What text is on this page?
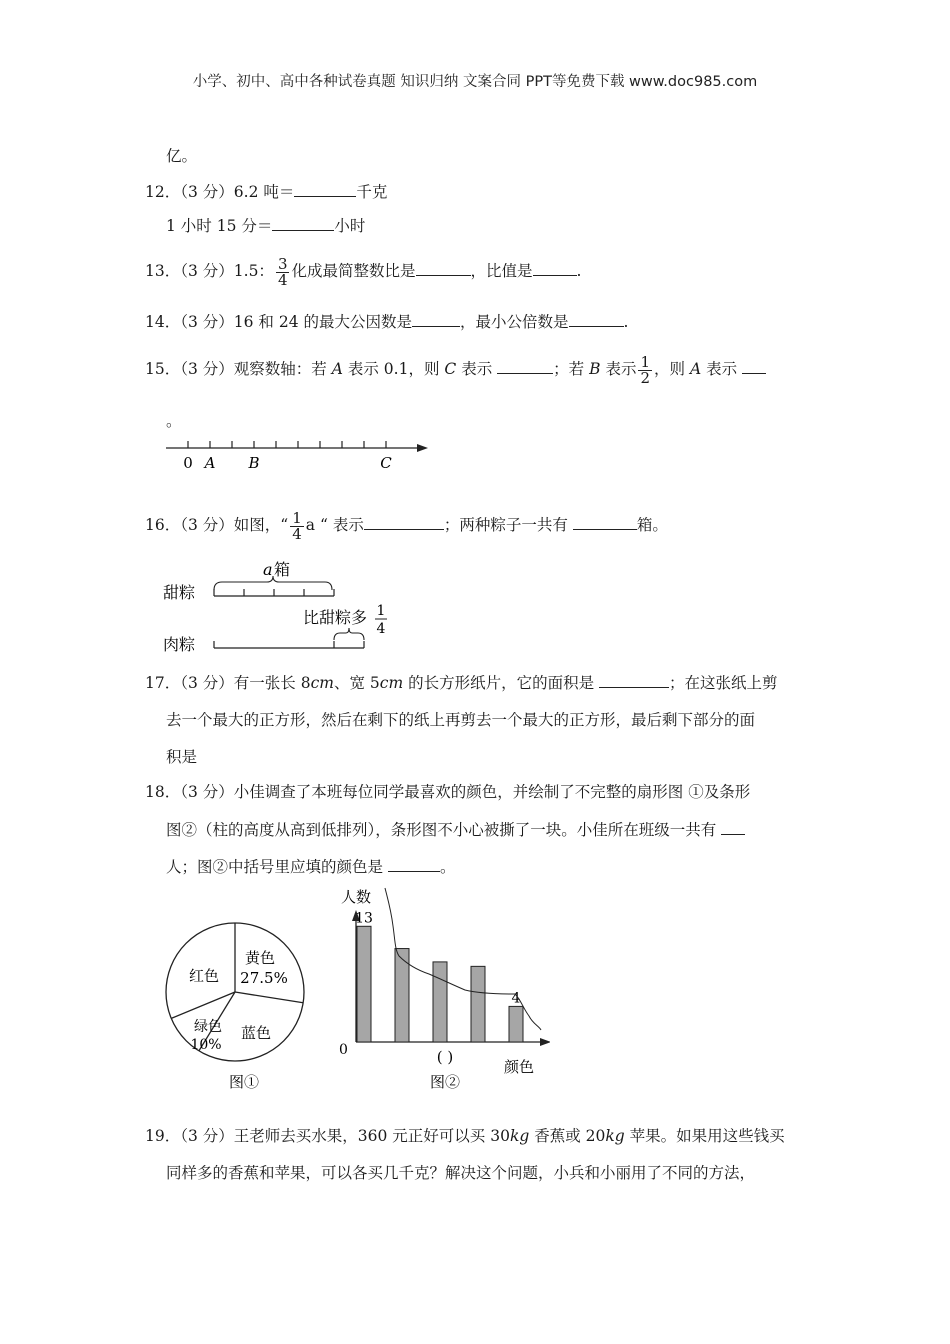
小学、初中、高中各种试卷真题 知识归纳 文案合同 PPT等免费下载 www.doc985.com
亿。
12．（3 分）6.2 吨＝	千克
1 小时 15 分＝	小时
13．（3 分）1.5： $\frac{3}{4}$ 化成最简整数比是	，比值是	.
14．（3 分）16 和 24 的最大公因数是	，最小公倍数是	.
15．（3 分）观察数轴：若 A 表示 0.1，则 C 表示	；若 B 表示 $\frac{1}{2}$ ，则 A 表示
。
0 A B	C
16．（3 分）如图，“ $\frac{1}{4}$ a “ 表示	；两种粽子一共有	箱。
甜粽
肉粽
a 箱
比甜粽多 1
4
17．（3 分）有一张长 8cm、宽 5cm 的长方形纸片，它的面积是	；在这张纸上剪
去一个最大的正方形，然后在剩下的纸上再剪去一个最大的正方形，最后剩下部分的面
积是
18．（3 分）小佳调查了本班每位同学最喜欢的颜色，并绘制了不完整的扇形图 ①及条形
图②（柱的高度从高到低排列），条形图不小心被撕了一块。小佳所在班级一共有
人；图②中括号里应填的颜色是	。
黄色
27.5%
蓝色
绿色
10%
红色
图①
人数
0
13
4
( )
颜色
图②
19．（3 分）王老师去买水果，360 元正好可以买 30kg 香蕉或 20kg 苹果。如果用这些钱买
同样多的香蕉和苹果，可以各买几千克？解决这个问题，小兵和小丽用了不同的方法，
